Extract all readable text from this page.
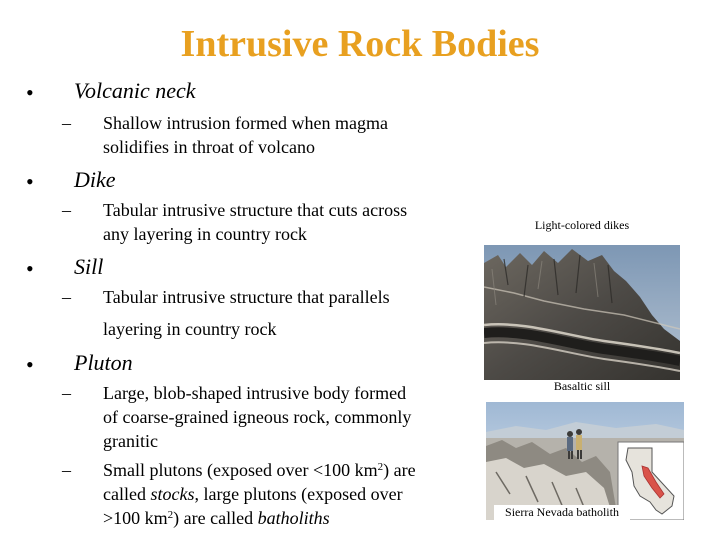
Intrusive Rock Bodies
• Volcanic neck
– Shallow intrusion formed when magma
solidifies in throat of volcano
• Dike
– Tabular intrusive structure that cuts across
any layering in country rock
• Sill
– Tabular intrusive structure that parallels
layering in country rock
• Pluton
– Large, blob-shaped intrusive body formed
of coarse-grained igneous rock, commonly
granitic
– Small plutons (exposed over <100 $km^2$) are
called stocks, large plutons (exposed over
>100 $km^2$) are called batholiths
Light-colored dikes
Basaltic sill
Sierra Nevada batholith
